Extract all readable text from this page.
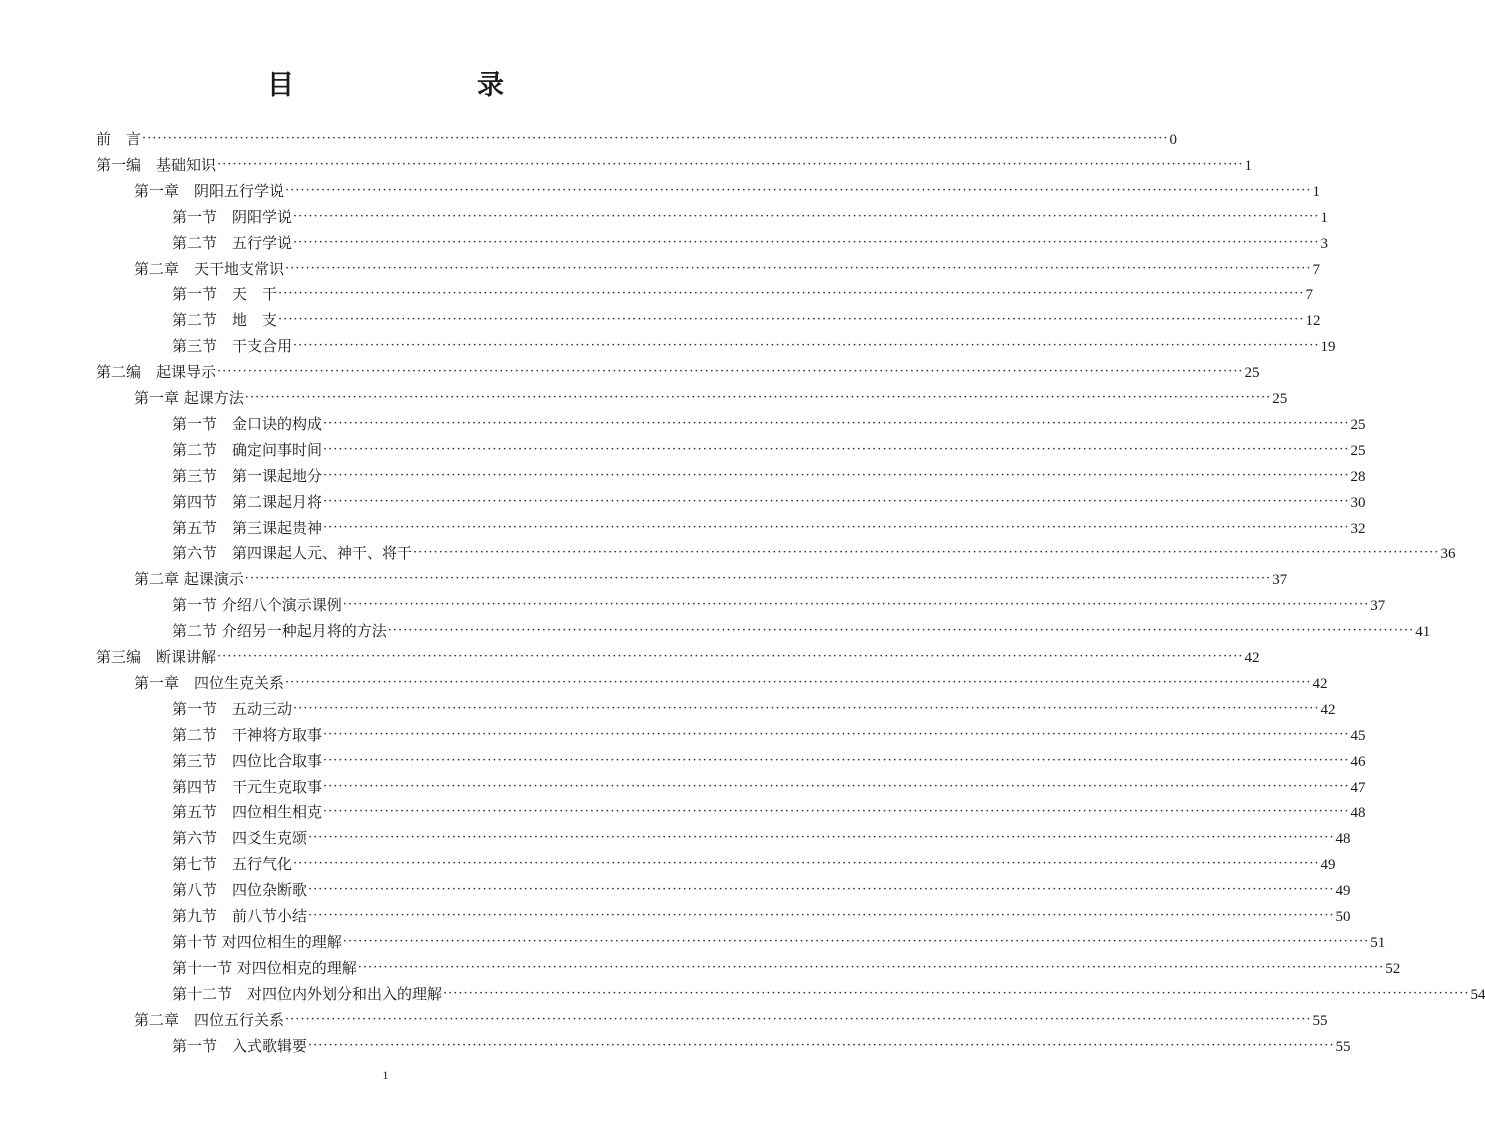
目　录
前　言 ········································································································································································································ 0
第一编　基础知识 ········································································································································································································ 1
第一章　阴阳五行学说 ········································································································································································································ 1
第一节　阴阳学说 ········································································································································································································ 1
第二节　五行学说 ········································································································································································································ 3
第二章　天干地支常识 ········································································································································································································ 7
第一节　天　干 ········································································································································································································ 7
第二节　地　支 ········································································································································································································ 12
第三节　干支合用 ········································································································································································································ 19
第二编　起课导示 ········································································································································································································ 25
第一章 起课方法 ········································································································································································································ 25
第一节　金口诀的构成 ········································································································································································································ 25
第二节　确定问事时间 ········································································································································································································ 25
第三节　第一课起地分 ········································································································································································································ 28
第四节　第二课起月将 ········································································································································································································ 30
第五节　第三课起贵神 ········································································································································································································ 32
第六节　第四课起人元、神干、将干 ········································································································································································································ 36
第二章 起课演示 ········································································································································································································ 37
第一节 介绍八个演示课例 ········································································································································································································ 37
第二节 介绍另一种起月将的方法 ········································································································································································································ 41
第三编　断课讲解 ········································································································································································································ 42
第一章　四位生克关系 ········································································································································································································ 42
第一节　五动三动 ········································································································································································································ 42
第二节　干神将方取事 ········································································································································································································ 45
第三节　四位比合取事 ········································································································································································································ 46
第四节　干元生克取事 ········································································································································································································ 47
第五节　四位相生相克 ········································································································································································································ 48
第六节　四爻生克颂 ········································································································································································································ 48
第七节　五行气化 ········································································································································································································ 49
第八节　四位杂断歌 ········································································································································································································ 49
第九节　前八节小结 ········································································································································································································ 50
第十节 对四位相生的理解 ········································································································································································································ 51
第十一节 对四位相克的理解 ········································································································································································································ 52
第十二节　对四位内外划分和出入的理解 ········································································································································································································ 54
第二章　四位五行关系 ········································································································································································································ 55
第一节　入式歌辑要 ········································································································································································································ 55
1
